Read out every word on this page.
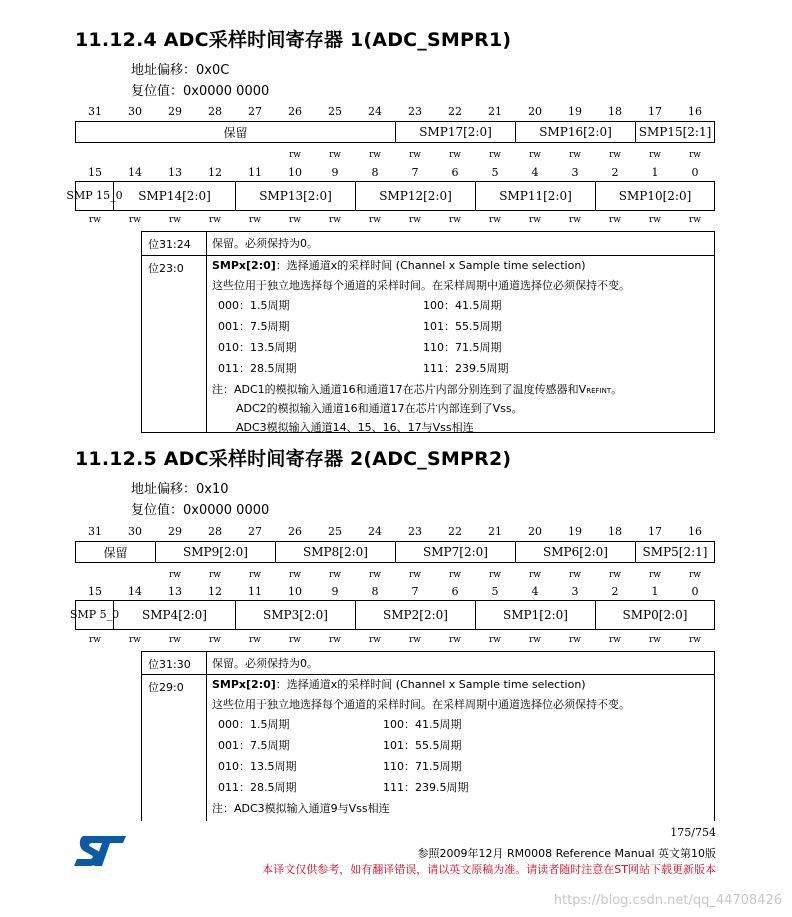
11.12.4 ADC采样时间寄存器 1(ADC_SMPR1)
地址偏移：0x0C
复位值：0x0000 0000
31	30	29	28	27	26	25	24	23	22	21	20	19	18	17	16
保留	SMP17[2:0]	SMP16[2:0]	SMP15[2:1]
rw	rw	rw	rw	rw	rw	rw	rw	rw	rw	rw
15	14	13	12	11	10	9	8	7	6	5	4	3	2	1	0
SMP 15_0	SMP14[2:0]	SMP13[2:0]	SMP12[2:0]	SMP11[2:0]	SMP10[2:0]
rw	rw	rw	rw	rw	rw	rw	rw	rw	rw	rw	rw	rw	rw	rw	rw
位31:24	保留。必须保持为0。
位23:0	SMPx[2:0]：选择通道x的采样时间 (Channel x Sample time selection)
这些位用于独立地选择每个通道的采样时间。在采样周期中通道选择位必须保持不变。
000：1.5周期	100：41.5周期
001：7.5周期	101：55.5周期
010：13.5周期	110：71.5周期
011：28.5周期	111：239.5周期
注：ADC1的模拟输入通道16和通道17在芯片内部分别连到了温度传感器和VREFINT。
ADC2的模拟输入通道16和通道17在芯片内部连到了Vss。
ADC3模拟输入通道14、15、16、17与Vss相连
11.12.5 ADC采样时间寄存器 2(ADC_SMPR2)
地址偏移：0x10
复位值：0x0000 0000
31	30	29	28	27	26	25	24	23	22	21	20	19	18	17	16
保留	SMP9[2:0]	SMP8[2:0]	SMP7[2:0]	SMP6[2:0]	SMP5[2:1]
rw	rw	rw	rw	rw	rw	rw	rw	rw	rw	rw	rw	rw	rw
15	14	13	12	11	10	9	8	7	6	5	4	3	2	1	0
SMP 5_0	SMP4[2:0]	SMP3[2:0]	SMP2[2:0]	SMP1[2:0]	SMP0[2:0]
rw	rw	rw	rw	rw	rw	rw	rw	rw	rw	rw	rw	rw	rw	rw	rw
位31:30	保留。必须保持为0。
位29:0	SMPx[2:0]：选择通道x的采样时间 (Channel x Sample time selection)
这些位用于独立地选择每个通道的采样时间。在采样周期中通道选择位必须保持不变。
000：1.5周期	100：41.5周期
001：7.5周期	101：55.5周期
010：13.5周期	110：71.5周期
011：28.5周期	111：239.5周期
注：ADC3模拟输入通道9与Vss相连
175/754
参照2009年12月 RM0008 Reference Manual 英文第10版
本译文仅供参考，如有翻译错误，请以英文原稿为准。请读者随时注意在ST网站下载更新版本
https://blog.csdn.net/qq_44708426
